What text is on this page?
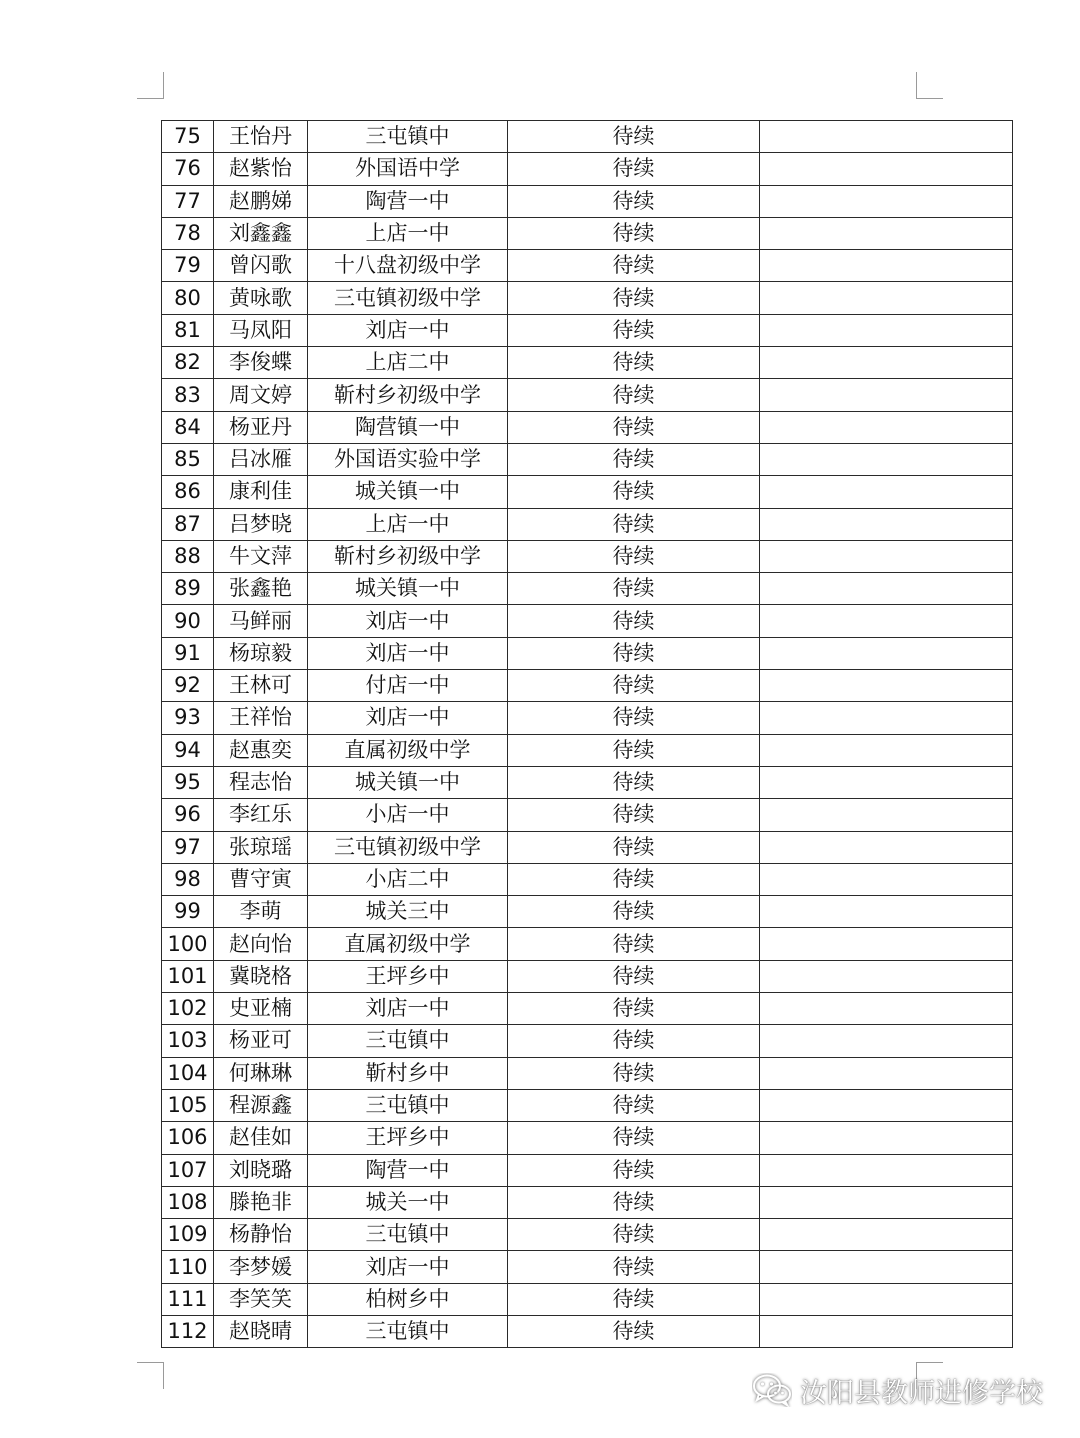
75	王怡丹	三屯镇中	待续	
76	赵紫怡	外国语中学	待续	
77	赵鹏娣	陶营一中	待续	
78	刘鑫鑫	上店一中	待续	
79	曾闪歌	十八盘初级中学	待续	
80	黄咏歌	三屯镇初级中学	待续	
81	马凤阳	刘店一中	待续	
82	李俊蝶	上店二中	待续	
83	周文婷	靳村乡初级中学	待续	
84	杨亚丹	陶营镇一中	待续	
85	吕冰雁	外国语实验中学	待续	
86	康利佳	城关镇一中	待续	
87	吕梦晓	上店一中	待续	
88	牛文萍	靳村乡初级中学	待续	
89	张鑫艳	城关镇一中	待续	
90	马鲜丽	刘店一中	待续	
91	杨琼毅	刘店一中	待续	
92	王林可	付店一中	待续	
93	王祥怡	刘店一中	待续	
94	赵惠奕	直属初级中学	待续	
95	程志怡	城关镇一中	待续	
96	李红乐	小店一中	待续	
97	张琼瑶	三屯镇初级中学	待续	
98	曹守寅	小店二中	待续	
99	李萌	城关三中	待续	
100	赵向怡	直属初级中学	待续	
101	冀晓格	王坪乡中	待续	
102	史亚楠	刘店一中	待续	
103	杨亚可	三屯镇中	待续	
104	何琳琳	靳村乡中	待续	
105	程源鑫	三屯镇中	待续	
106	赵佳如	王坪乡中	待续	
107	刘晓璐	陶营一中	待续	
108	滕艳非	城关一中	待续	
109	杨静怡	三屯镇中	待续	
110	李梦媛	刘店一中	待续	
111	李笑笑	柏树乡中	待续	
112	赵晓晴	三屯镇中	待续	
汝阳县教师进修学校
